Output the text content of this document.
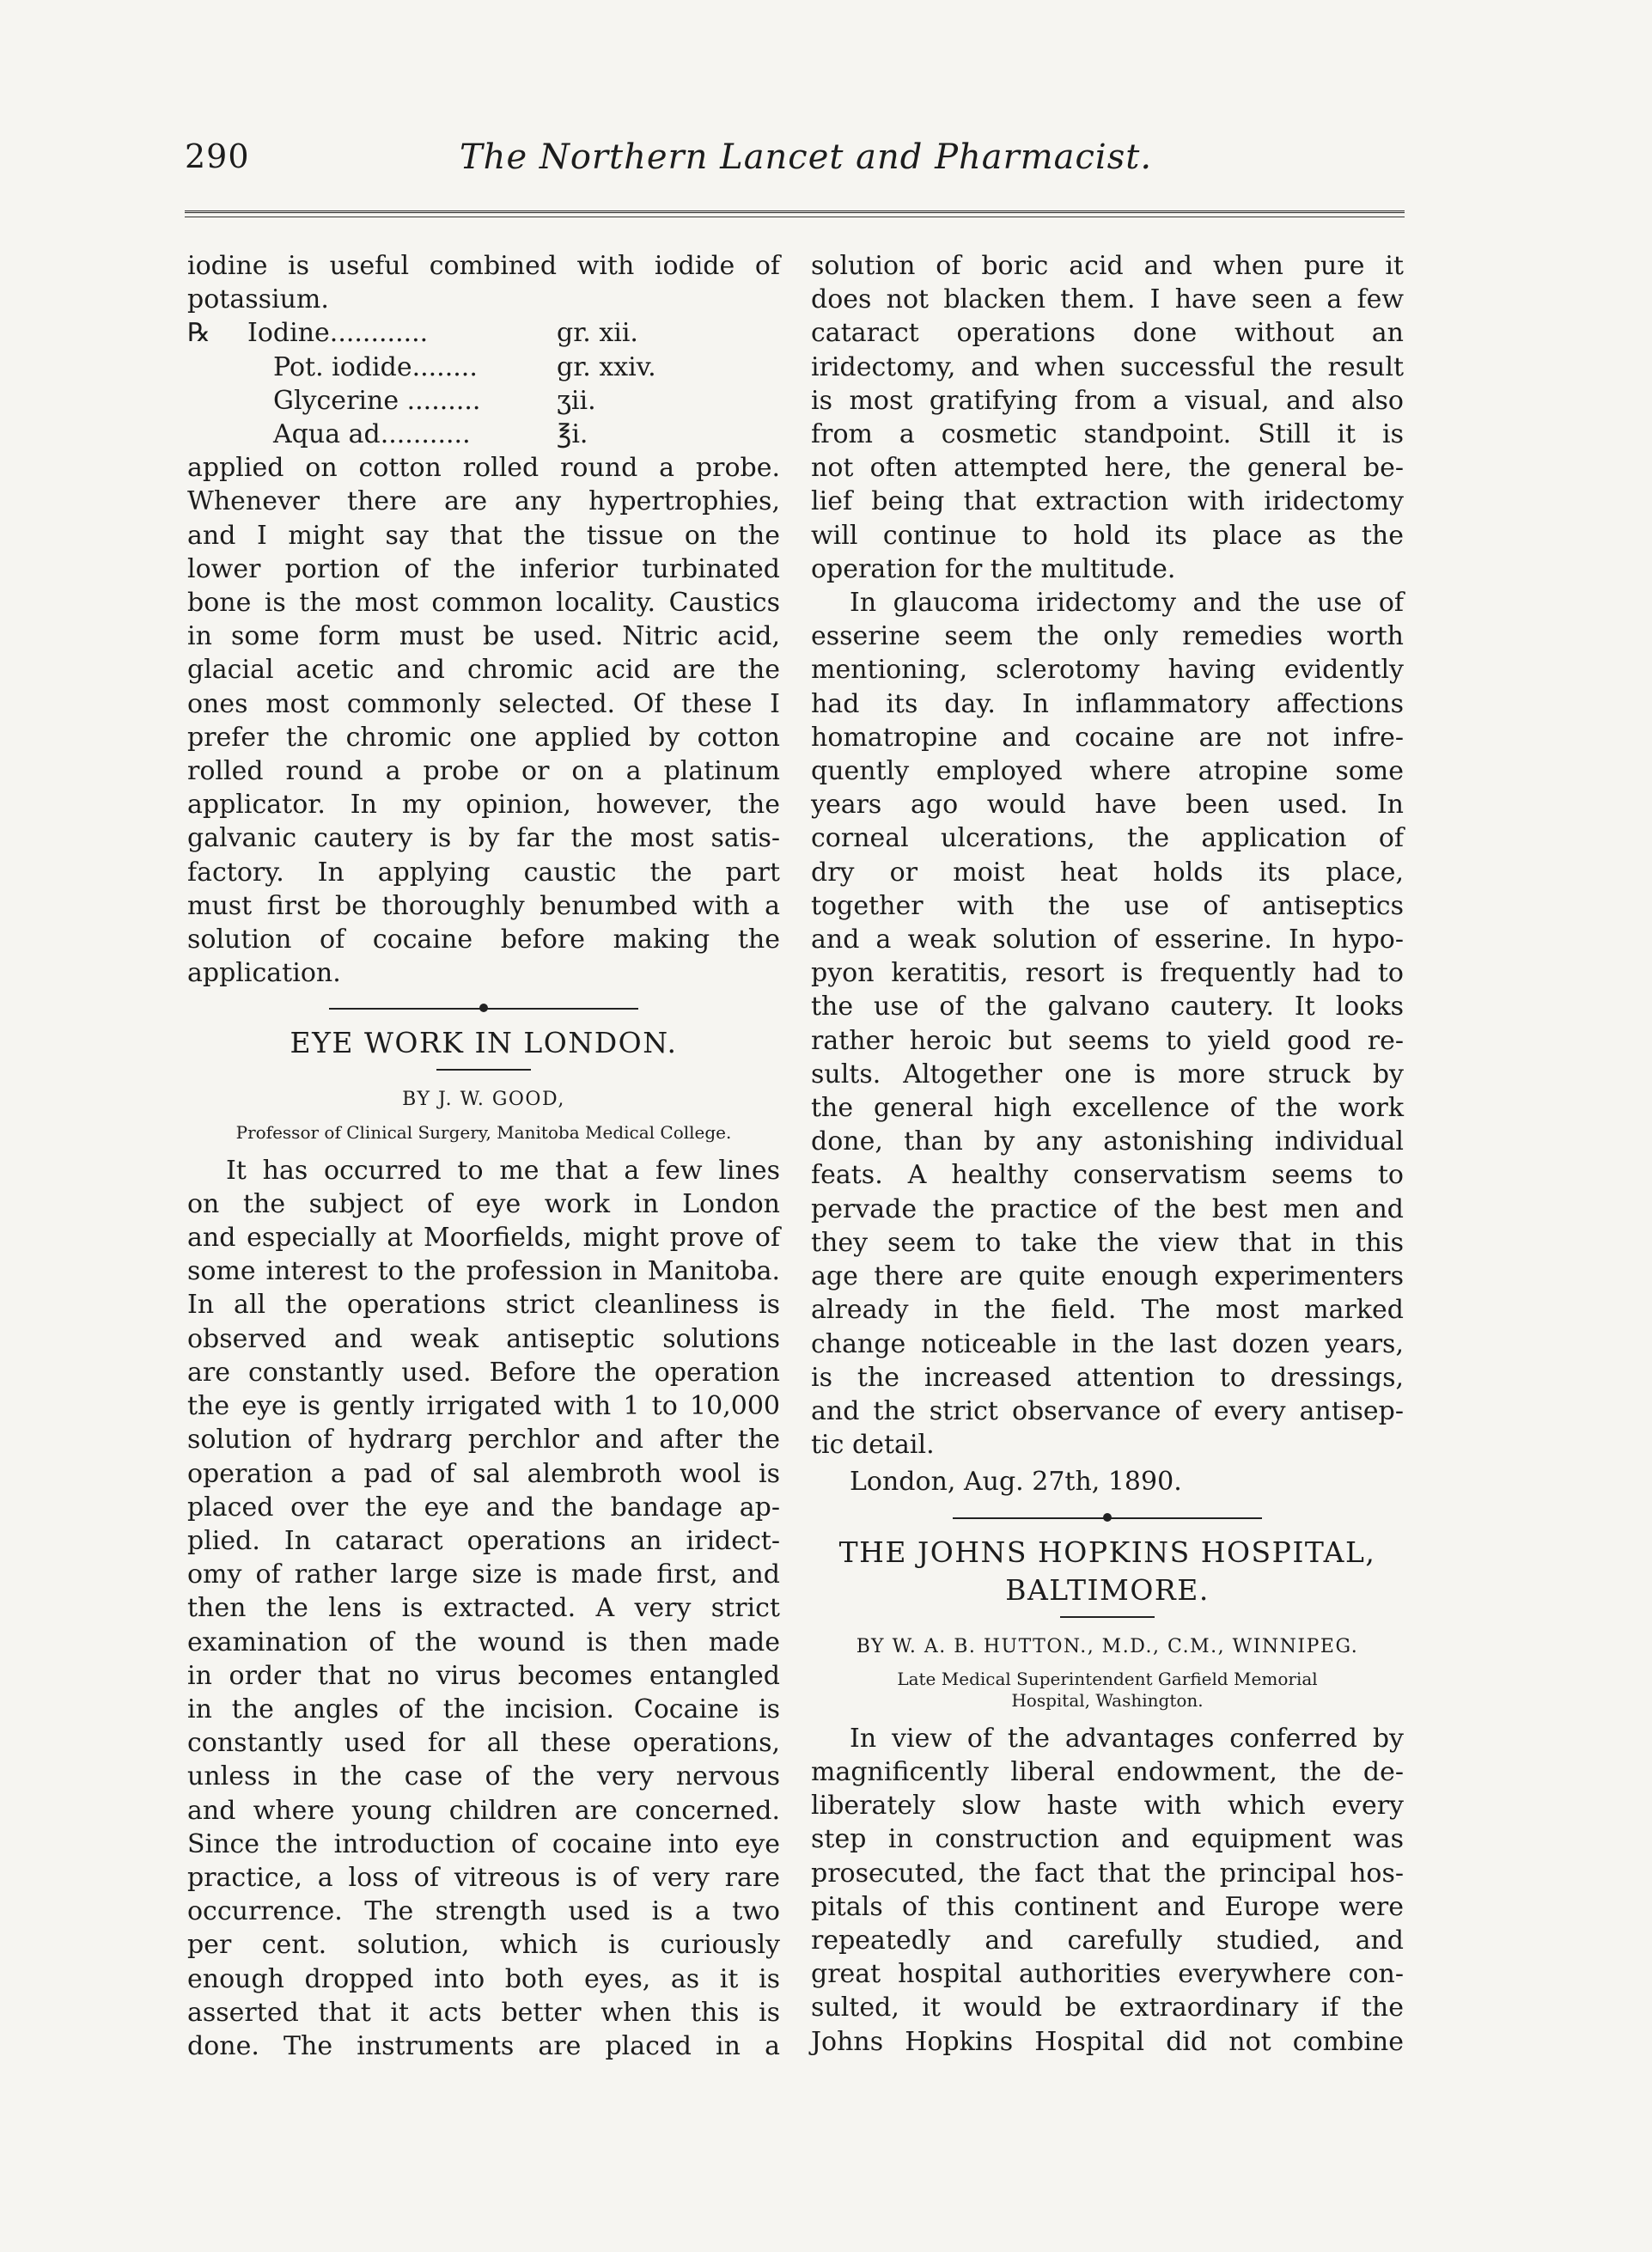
290	The Northern Lancet and Pharmacist.
iodine is useful combined with iodide of
potassium.
℞	Iodine............	gr. xii.
Pot. iodide........	gr. xxiv.
Glycerine .........	ʒii.
Aqua ad...........	℥i.
applied on cotton rolled round a probe.
Whenever there are any hypertrophies,
and I might say that the tissue on the
lower portion of the inferior turbinated
bone is the most common locality. Caustics
in some form must be used. Nitric acid,
glacial acetic and chromic acid are the
ones most commonly selected. Of these I
prefer the chromic one applied by cotton
rolled round a probe or on a platinum
applicator. In my opinion, however, the
galvanic cautery is by far the most satis-
factory. In applying caustic the part
must first be thoroughly benumbed with a
solution of cocaine before making the
application.
EYE WORK IN LONDON.
BY J. W. GOOD,
Professor of Clinical Surgery, Manitoba Medical College.
It has occurred to me that a few lines
on the subject of eye work in London
and especially at Moorfields, might prove of
some interest to the profession in Manitoba.
In all the operations strict cleanliness is
observed and weak antiseptic solutions
are constantly used. Before the operation
the eye is gently irrigated with 1 to 10,000
solution of hydrarg perchlor and after the
operation a pad of sal alembroth wool is
placed over the eye and the bandage ap-
plied. In cataract operations an iridect-
omy of rather large size is made first, and
then the lens is extracted. A very strict
examination of the wound is then made
in order that no virus becomes entangled
in the angles of the incision. Cocaine is
constantly used for all these operations,
unless in the case of the very nervous
and where young children are concerned.
Since the introduction of cocaine into eye
practice, a loss of vitreous is of very rare
occurrence. The strength used is a two
per cent. solution, which is curiously
enough dropped into both eyes, as it is
asserted that it acts better when this is
done. The instruments are placed in a
solution of boric acid and when pure it
does not blacken them. I have seen a few
cataract operations done without an
iridectomy, and when successful the result
is most gratifying from a visual, and also
from a cosmetic standpoint. Still it is
not often attempted here, the general be-
lief being that extraction with iridectomy
will continue to hold its place as the
operation for the multitude.
In glaucoma iridectomy and the use of
esserine seem the only remedies worth
mentioning, sclerotomy having evidently
had its day. In inflammatory affections
homatropine and cocaine are not infre-
quently employed where atropine some
years ago would have been used. In
corneal ulcerations, the application of
dry or moist heat holds its place,
together with the use of antiseptics
and a weak solution of esserine. In hypo-
pyon keratitis, resort is frequently had to
the use of the galvano cautery. It looks
rather heroic but seems to yield good re-
sults. Altogether one is more struck by
the general high excellence of the work
done, than by any astonishing individual
feats. A healthy conservatism seems to
pervade the practice of the best men and
they seem to take the view that in this
age there are quite enough experimenters
already in the field. The most marked
change noticeable in the last dozen years,
is the increased attention to dressings,
and the strict observance of every antisep-
tic detail.
London, Aug. 27th, 1890.
THE JOHNS HOPKINS HOSPITAL,
BALTIMORE.
BY W. A. B. HUTTON., M.D., C.M., WINNIPEG.
Late Medical Superintendent Garfield Memorial
Hospital, Washington.
In view of the advantages conferred by
magnificently liberal endowment, the de-
liberately slow haste with which every
step in construction and equipment was
prosecuted, the fact that the principal hos-
pitals of this continent and Europe were
repeatedly and carefully studied, and
great hospital authorities everywhere con-
sulted, it would be extraordinary if the
Johns Hopkins Hospital did not combine
